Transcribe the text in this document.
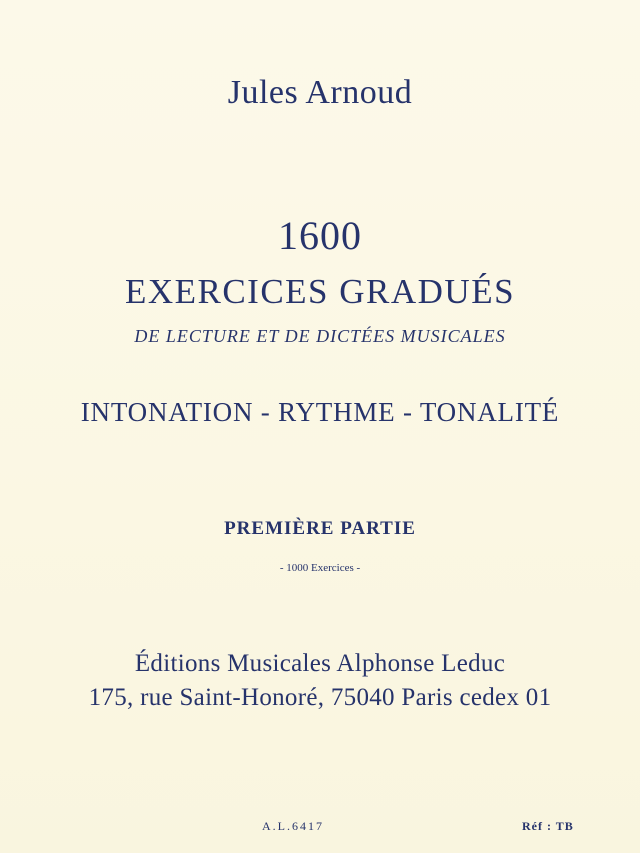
Jules Arnoud
1600
EXERCICES GRADUÉS
DE LECTURE ET DE DICTÉES MUSICALES
INTONATION - RYTHME - TONALITÉ
PREMIÈRE PARTIE
- 1000 Exercices -
Éditions Musicales Alphonse Leduc
175, rue Saint-Honoré, 75040 Paris cedex 01
A.L.6417	Réf : TB
